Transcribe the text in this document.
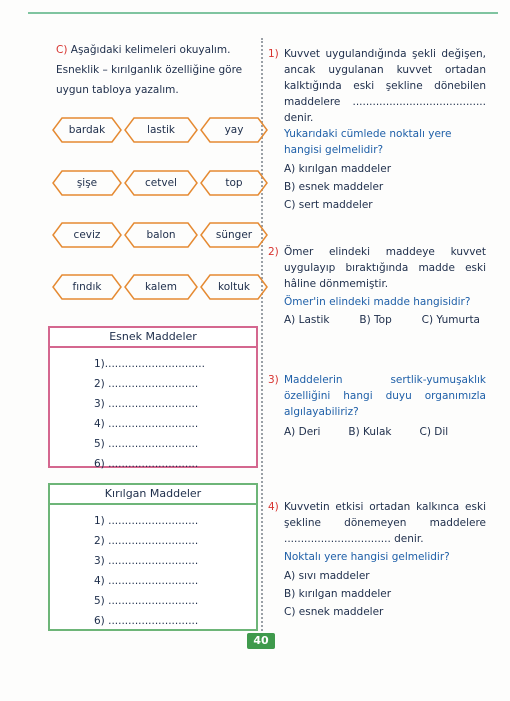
C) Aşağıdaki kelimeleri okuyalım.
Esneklik – kırılganlık özelliğine göre
uygun tabloya yazalım.
bardak	lastik	yay
şişe	cetvel	top
ceviz	balon	sünger
fındık	kalem	koltuk
Esnek Maddeler
1)..............................
2) ...........................
3) ...........................
4) ...........................
5) ...........................
6) ...........................
Kırılgan Maddeler
1) ...........................
2) ...........................
3) ...........................
4) ...........................
5) ...........................
6) ...........................

1) Kuvvet uygulandığında şekli değişen, ancak uygulanan kuvvet ortadan kalktığında eski şekline dönebilen maddelere ........................................ denir.

Yukarıdaki cümlede noktalı yere hangisi gelmelidir?

A) kırılgan maddeler
B) esnek maddeler
C) sert maddeler

2) Ömer elindeki maddeye kuvvet uygulayıp bıraktığında madde eski hâline dönmemiştir.

Ömer'in elindeki madde hangisidir?

A) Lastik	B) Top	C) Yumurta

3) Maddelerin sertlik-yumuşaklık özelliğini hangi duyu organımızla algılayabiliriz?

A) Deri	B) Kulak	C) Dil

4) Kuvvetin etkisi ortadan kalkınca eski şekline dönemeyen maddelere ................................ denir.

Noktalı yere hangisi gelmelidir?

A) sıvı maddeler
B) kırılgan maddeler
C) esnek maddeler
40
